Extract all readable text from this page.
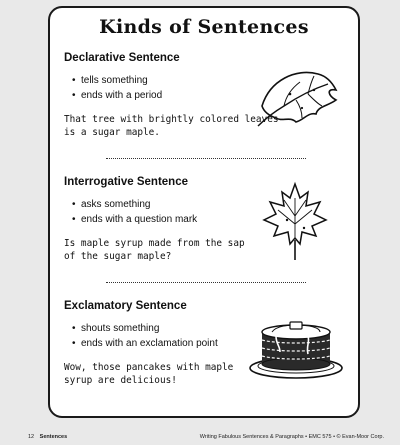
Kinds of Sentences
Declarative Sentence
• tells something
• ends with a period
That tree with brightly colored leaves
is a sugar maple.
Interrogative Sentence
• asks something
• ends with a question mark
Is maple syrup made from the sap
of the sugar maple?
Exclamatory Sentence
• shouts something
• ends with an exclamation point
Wow, those pancakes with maple
syrup are delicious!
12 Sentences	Writing Fabulous Sentences & Paragraphs • EMC 575 • © Evan-Moor Corp.
